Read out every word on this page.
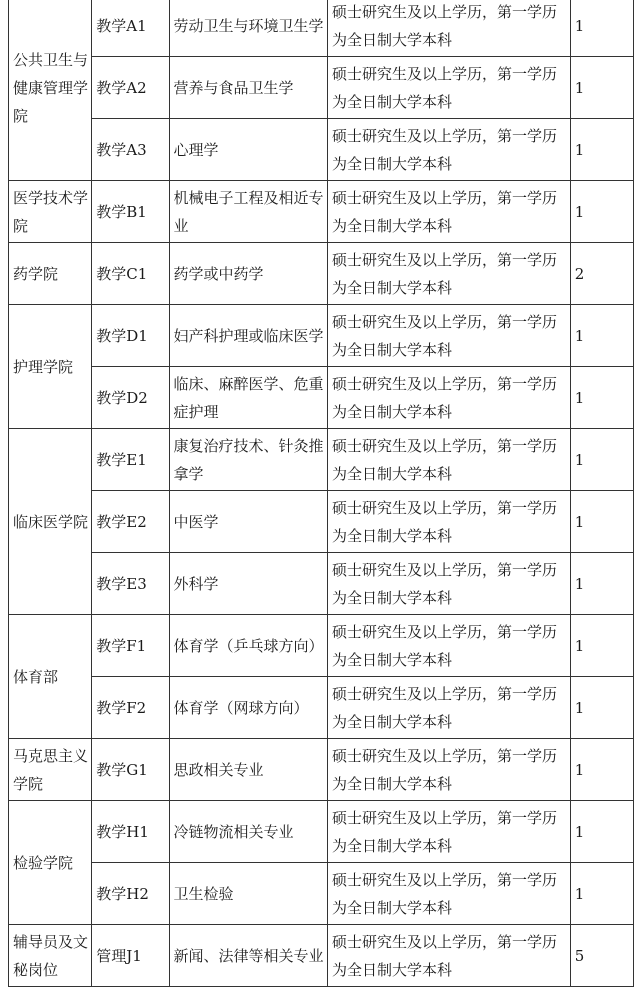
公共卫生与健康管理学院	教学A1	劳动卫生与环境卫生学	硕士研究生及以上学历，第一学历为全日制大学本科	1
	教学A2	营养与食品卫生学	硕士研究生及以上学历，第一学历为全日制大学本科	1
	教学A3	心理学	硕士研究生及以上学历，第一学历为全日制大学本科	1
医学技术学院	教学B1	机械电子工程及相近专业	硕士研究生及以上学历，第一学历为全日制大学本科	1
药学院	教学C1	药学或中药学	硕士研究生及以上学历，第一学历为全日制大学本科	2
护理学院	教学D1	妇产科护理或临床医学	硕士研究生及以上学历，第一学历为全日制大学本科	1
	教学D2	临床、麻醉医学、危重症护理	硕士研究生及以上学历，第一学历为全日制大学本科	1
临床医学院	教学E1	康复治疗技术、针灸推拿学	硕士研究生及以上学历，第一学历为全日制大学本科	1
	教学E2	中医学	硕士研究生及以上学历，第一学历为全日制大学本科	1
	教学E3	外科学	硕士研究生及以上学历，第一学历为全日制大学本科	1
体育部	教学F1	体育学（乒乓球方向）	硕士研究生及以上学历，第一学历为全日制大学本科	1
	教学F2	体育学（网球方向）	硕士研究生及以上学历，第一学历为全日制大学本科	1
马克思主义学院	教学G1	思政相关专业	硕士研究生及以上学历，第一学历为全日制大学本科	1
检验学院	教学H1	冷链物流相关专业	硕士研究生及以上学历，第一学历为全日制大学本科	1
	教学H2	卫生检验	硕士研究生及以上学历，第一学历为全日制大学本科	1
辅导员及文秘岗位	管理J1	新闻、法律等相关专业	硕士研究生及以上学历，第一学历为全日制大学本科	5
